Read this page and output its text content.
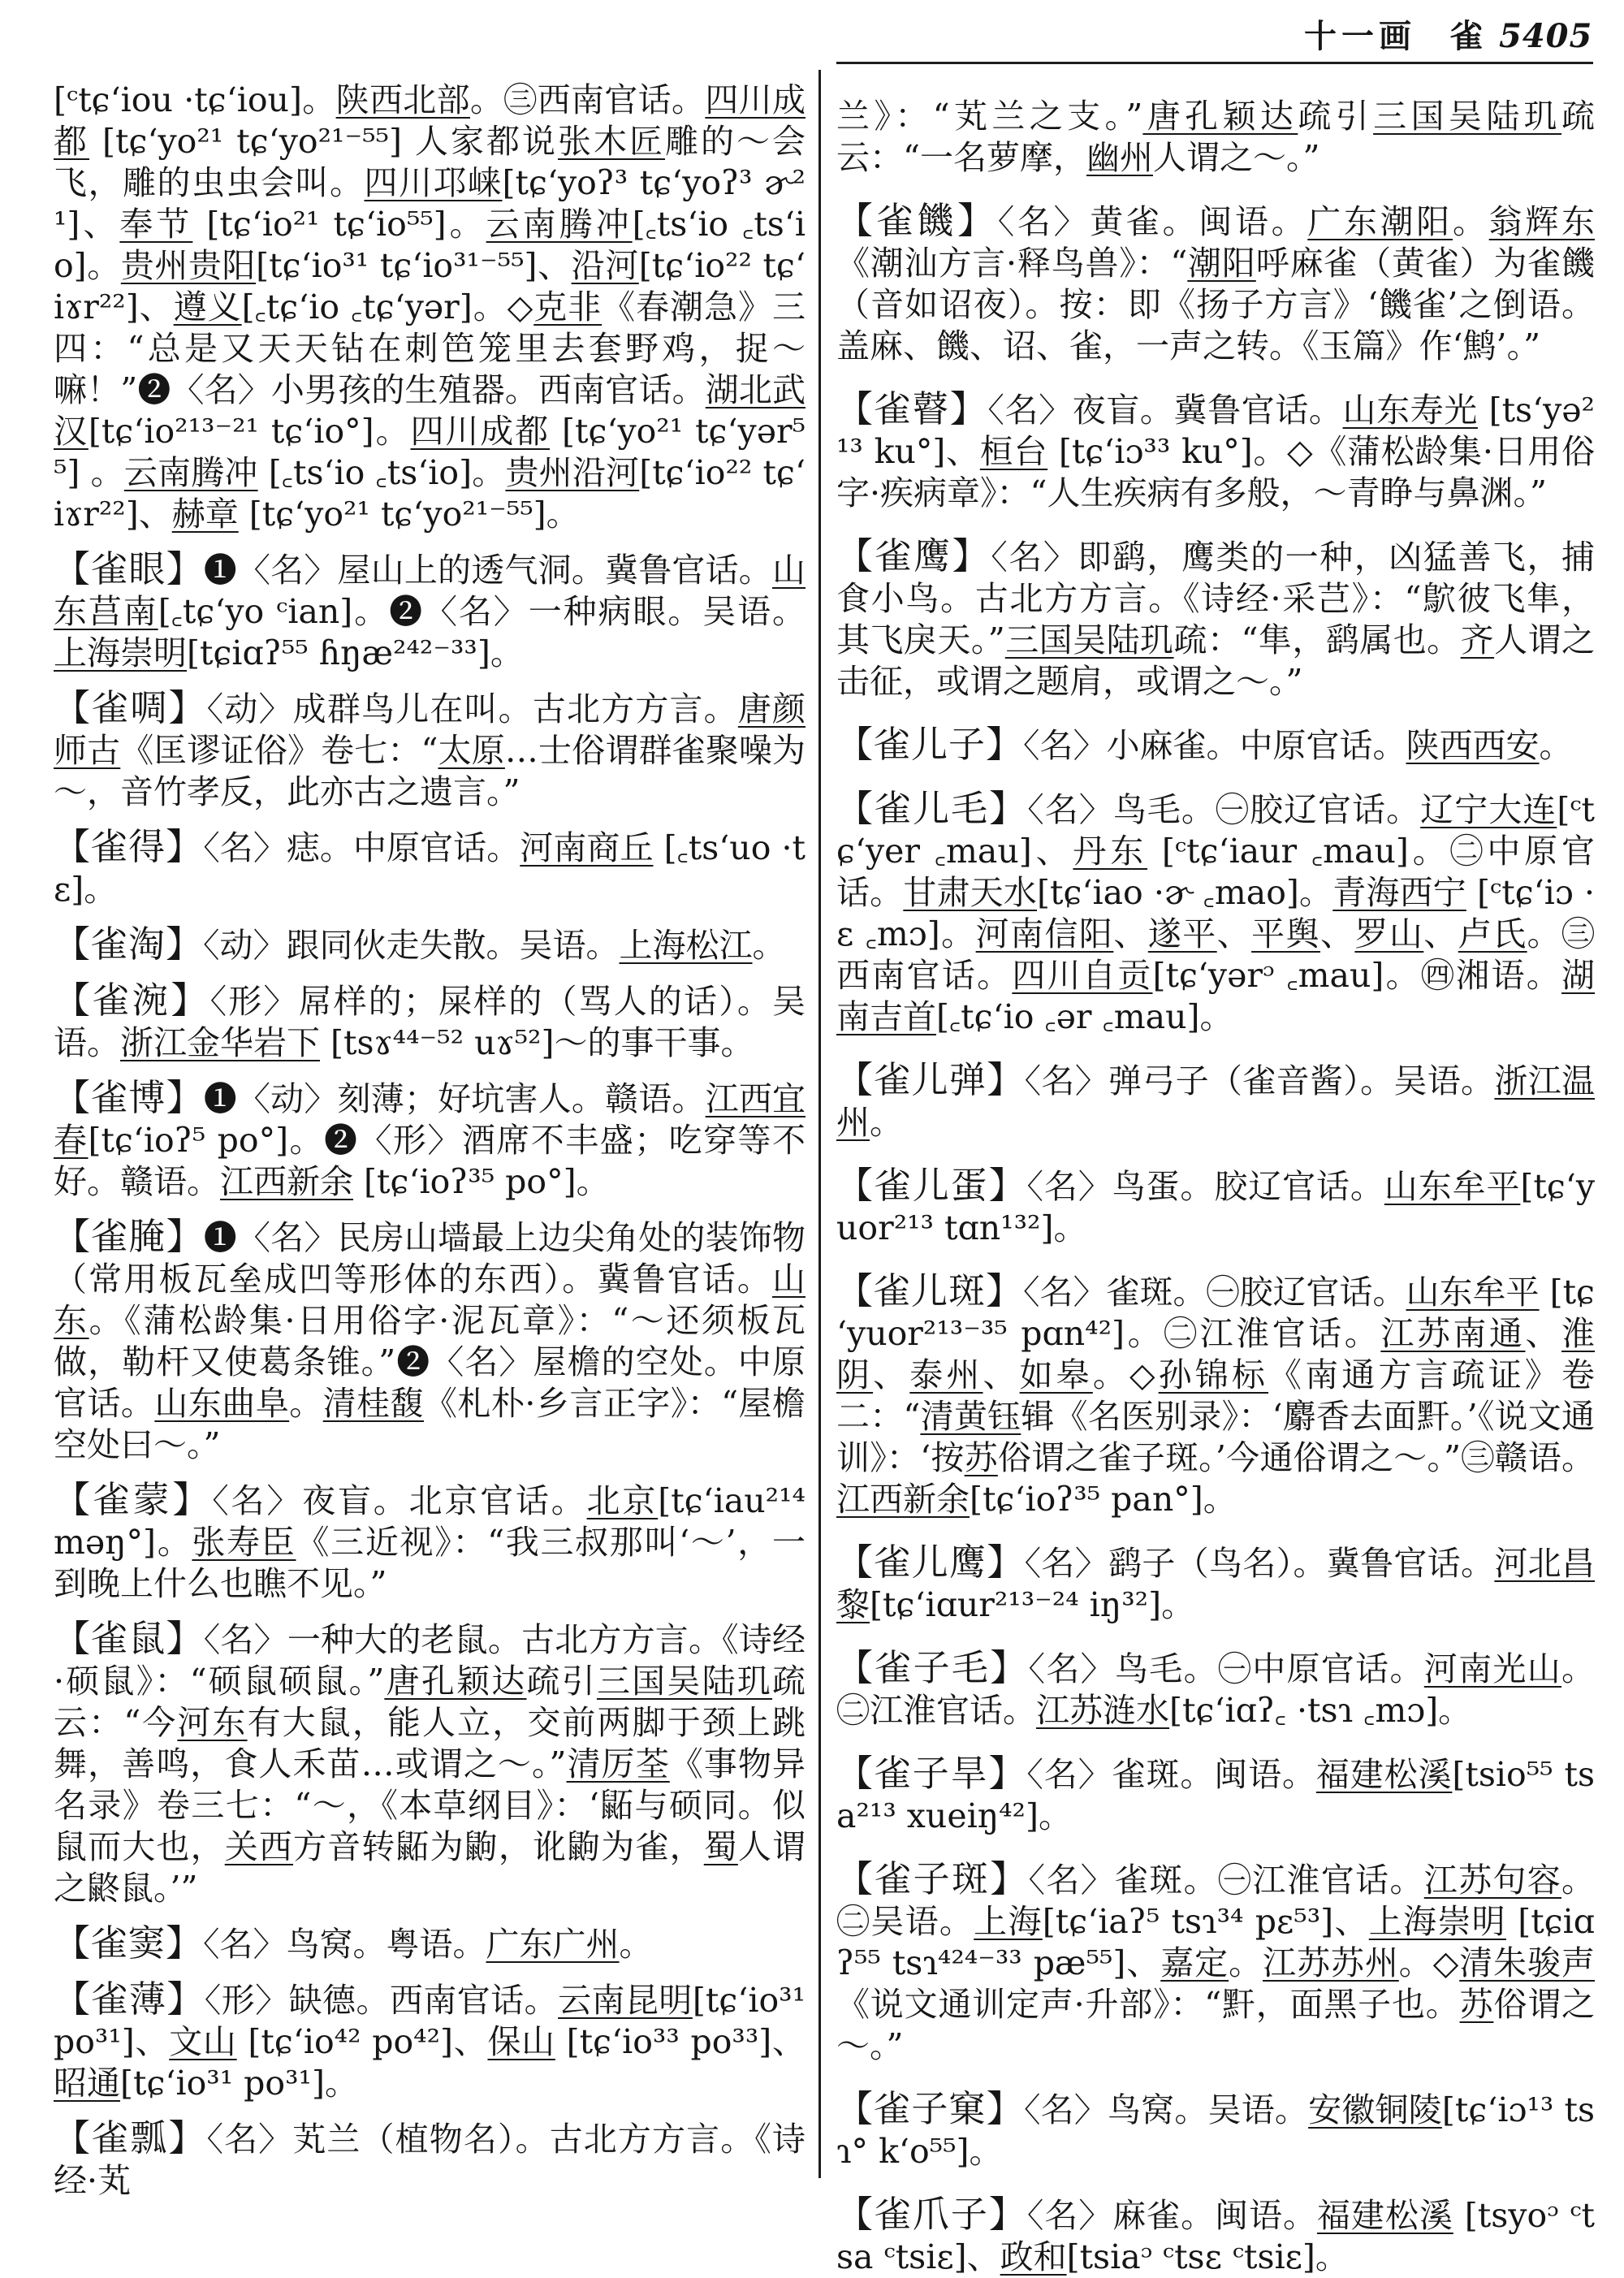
十一画 雀 5405
[ᶜtɕʻiou ·tɕʻiou]。陕西北部。㊂西南官话。四川成都 [tɕʻyo²¹ tɕʻyo²¹⁻⁵⁵] 人家都说张木匠雕的～会飞，雕的虫虫会叫。四川邛崃[tɕʻyoʔ³ tɕʻyoʔ³ ɚ²¹]、奉节 [tɕʻio²¹ tɕʻio⁵⁵]。云南腾冲[꜀tsʻio ꜀tsʻio]。贵州贵阳[tɕʻio³¹ tɕʻio³¹⁻⁵⁵]、沿河[tɕʻio²² tɕʻiɤr²²]、遵义[꜀tɕʻio ꜀tɕʻyər]。◇克非《春潮急》三四：“总是又天天钻在刺笆笼里去套野鸡，捉～嘛！”❷〈名〉小男孩的生殖器。西南官话。湖北武汉[tɕʻio²¹³⁻²¹ tɕʻio°]。四川成都 [tɕʻyo²¹ tɕʻyər⁵⁵] 。云南腾冲 [꜀tsʻio ꜀tsʻio]。贵州沿河[tɕʻio²² tɕʻiɤr²²]、赫章 [tɕʻyo²¹ tɕʻyo²¹⁻⁵⁵]。
【雀眼】❶〈名〉屋山上的透气洞。冀鲁官话。山东莒南[꜀tɕʻyo ᶜian]。❷〈名〉一种病眼。吴语。上海崇明[tɕiɑʔ⁵⁵ ɦŋæ²⁴²⁻³³]。
【雀啁】〈动〉成群鸟儿在叫。古北方方言。唐颜师古《匡谬证俗》卷七：“太原…士俗谓群雀聚噪为～，音竹孝反，此亦古之遗言。”
【雀得】〈名〉痣。中原官话。河南商丘 [꜀tsʻuo ·tɛ]。
【雀淘】〈动〉跟同伙走失散。吴语。上海松江。
【雀涴】〈形〉屌样的；屎样的（骂人的话）。吴语。浙江金华岩下 [tsɤ⁴⁴⁻⁵² uɤ⁵²]～的事干事。
【雀博】❶〈动〉刻薄；好坑害人。赣语。江西宜春[tɕʻioʔ⁵ po°]。❷〈形〉酒席不丰盛；吃穿等不好。赣语。江西新余 [tɕʻioʔ³⁵ po°]。
【雀腌】❶〈名〉民房山墙最上边尖角处的装饰物（常用板瓦垒成凹等形体的东西）。冀鲁官话。山东。《蒲松龄集·日用俗字·泥瓦章》：“～还须板瓦做，勒杆又使葛条锥。”❷〈名〉屋檐的空处。中原官话。山东曲阜。清桂馥《札朴·乡言正字》：“屋檐空处曰～。”
【雀蒙】〈名〉夜盲。北京官话。北京[tɕʻiau²¹⁴ məŋ°]。张寿臣《三近视》：“我三叔那叫‘～’，一到晚上什么也瞧不见。”
【雀鼠】〈名〉一种大的老鼠。古北方方言。《诗经·硕鼠》：“硕鼠硕鼠。”唐孔颖达疏引三国吴陆玑疏云：“今河东有大鼠，能人立，交前两脚于颈上跳舞，善鸣，食人禾苗…或谓之～。”清厉荃《事物异名录》卷三七：“～，《本草纲目》：‘鼫与硕同。似鼠而大也，关西方音转鼫为鼩，讹鼩为雀，蜀人谓之鼨鼠。’”
【雀窦】〈名〉鸟窝。粤语。广东广州。
【雀薄】〈形〉缺德。西南官话。云南昆明[tɕʻio³¹ po³¹]、文山 [tɕʻio⁴² po⁴²]、保山 [tɕʻio³³ po³³]、昭通[tɕʻio³¹ po³¹]。
【雀瓢】〈名〉芄兰（植物名）。古北方方言。《诗经·芄
兰》：“芄兰之支。”唐孔颖达疏引三国吴陆玑疏云：“一名萝摩，幽州人谓之～。”
【雀饑】〈名〉黄雀。闽语。广东潮阳。翁辉东《潮汕方言·释鸟兽》：“潮阳呼麻雀（黄雀）为雀饑（音如诏夜）。按：即《扬子方言》‘饑雀’之倒语。盖麻、饑、诏、雀，一声之转。《玉篇》作‘鹪’。”
【雀瞽】〈名〉夜盲。冀鲁官话。山东寿光 [tsʻyə²¹³ ku°]、桓台 [tɕʻiɔ³³ ku°]。◇《蒲松龄集·日用俗字·疾病章》：“人生疾病有多般，～青睁与鼻渊。”
【雀鹰】〈名〉即鹞，鹰类的一种，凶猛善飞，捕食小鸟。古北方方言。《诗经·采芑》：“鴥彼飞隼，其飞戾天。”三国吴陆玑疏：“隼，鹞属也。齐人谓之击征，或谓之题肩，或谓之～。”
【雀儿子】〈名〉小麻雀。中原官话。陕西西安。
【雀儿毛】〈名〉鸟毛。㊀胶辽官话。辽宁大连[ᶜtɕʻyer ꜀mau]、丹东 [ᶜtɕʻiaur ꜀mau]。㊁中原官话。甘肃天水[tɕʻiao ·ɚ ꜀mao]。青海西宁 [ᶜtɕʻiɔ ·ɛ ꜀mɔ]。河南信阳、遂平、平舆、罗山、卢氏。㊂西南官话。四川自贡[tɕʻyərᵓ ꜀mau]。㊃湘语。湖南吉首[꜀tɕʻio ꜀ər ꜀mau]。
【雀儿弹】〈名〉弹弓子（雀音酱）。吴语。浙江温州。
【雀儿蛋】〈名〉鸟蛋。胶辽官话。山东牟平[tɕʻyuor²¹³ tɑn¹³²]。
【雀儿斑】〈名〉雀斑。㊀胶辽官话。山东牟平 [tɕʻyuor²¹³⁻³⁵ pɑn⁴²]。㊁江淮官话。江苏南通、淮阴、泰州、如皋。◇孙锦标《南通方言疏证》卷二：“清黄钰辑《名医别录》：‘麝香去面䵟。’《说文通训》：‘按苏俗谓之雀子斑。’今通俗谓之～。”㊂赣语。江西新余[tɕʻioʔ³⁵ pan°]。
【雀儿鹰】〈名〉鹞子（鸟名）。冀鲁官话。河北昌黎[tɕʻiɑur²¹³⁻²⁴ iŋ³²]。
【雀子毛】〈名〉鸟毛。㊀中原官话。河南光山。㊁江淮官话。江苏涟水[tɕʻiɑʔ꜀ ·tsɿ ꜀mɔ]。
【雀子旱】〈名〉雀斑。闽语。福建松溪[tsio⁵⁵ tsa²¹³ xueiŋ⁴²]。
【雀子斑】〈名〉雀斑。㊀江淮官话。江苏句容。㊁吴语。上海[tɕʻiaʔ⁵ tsɿ³⁴ pɛ⁵³]、上海崇明 [tɕiɑʔ⁵⁵ tsɿ⁴²⁴⁻³³ pæ⁵⁵]、嘉定。江苏苏州。◇清朱骏声《说文通训定声·升部》：“䵟，面黑子也。苏俗谓之～。”
【雀子窠】〈名〉鸟窝。吴语。安徽铜陵[tɕʻiɔ¹³ tsɿ° kʻo⁵⁵]。
【雀爪子】〈名〉麻雀。闽语。福建松溪 [tsyoᵓ ᶜtsa ᶜtsiɛ]、政和[tsiaᵓ ᶜtsɛ ᶜtsiɛ]。
